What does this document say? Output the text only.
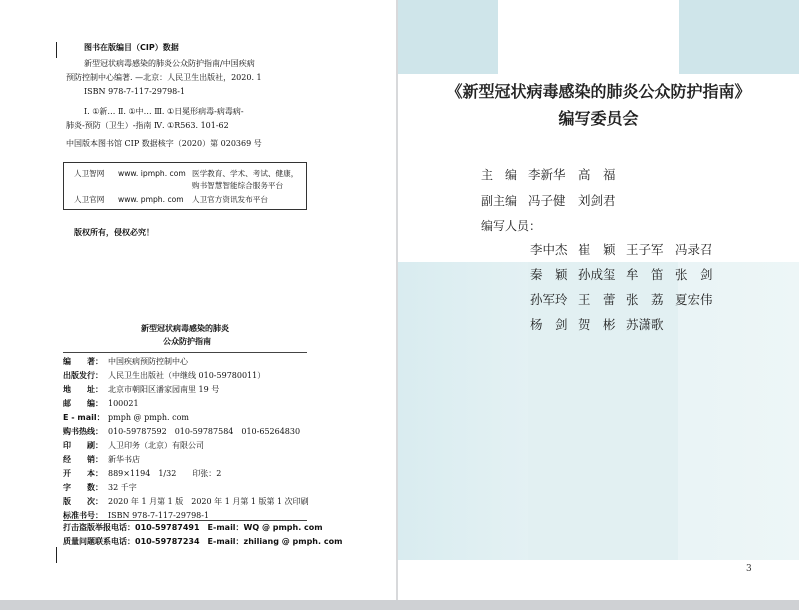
图书在版编目（CIP）数据
新型冠状病毒感染的肺炎公众防护指南/中国疾病
预防控制中心编著. —北京：人民卫生出版社，2020. 1
ISBN 978-7-117-29798-1
Ⅰ. ①新… Ⅱ. ①中… Ⅲ. ①日冕形病毒-病毒病-
肺炎-预防（卫生）-指南 Ⅳ. ①R563. 101-62
中国版本图书馆 CIP 数据核字（2020）第 020369 号
人卫智网 www. ipmph. com 医学教育、学术、考试、健康，
购书智慧智能综合服务平台
人卫官网 www. pmph. com 人卫官方资讯发布平台
版权所有，侵权必究！
新型冠状病毒感染的肺炎
公众防护指南
打击盗版举报电话：010-59787491　E-mail：WQ @ pmph. com
质量问题联系电话：010-59787234　E-mail：zhiliang @ pmph. com
编　　著： 中国疾病预防控制中心
出版发行： 人民卫生出版社（中继线 010-59780011）
地　　址： 北京市朝阳区潘家园南里 19 号
邮　　编： 100021
E - mail： pmph @ pmph. com
购书热线： 010-59787592　010-59787584　010-65264830
印　　刷： 人卫印务（北京）有限公司
经　　销： 新华书店
开　　本： 889×1194　1/32　　印张：2
字　　数： 32 千字
版　　次： 2020 年 1 月第 1 版　2020 年 1 月第 1 版第 1 次印刷
标准书号： ISBN 978-7-117-29798-1
《新型冠状病毒感染的肺炎公众防护指南》
编写委员会
主　编 李新华　高　福
副主编 冯子健　刘剑君
编写人员：
3
李中杰 崔　颖 王子军 冯录召
秦　颖 孙成玺 牟　笛 张　剑
孙军玲 王　蕾 张　荔 夏宏伟
杨　剑 贺　彬 苏潇歌
